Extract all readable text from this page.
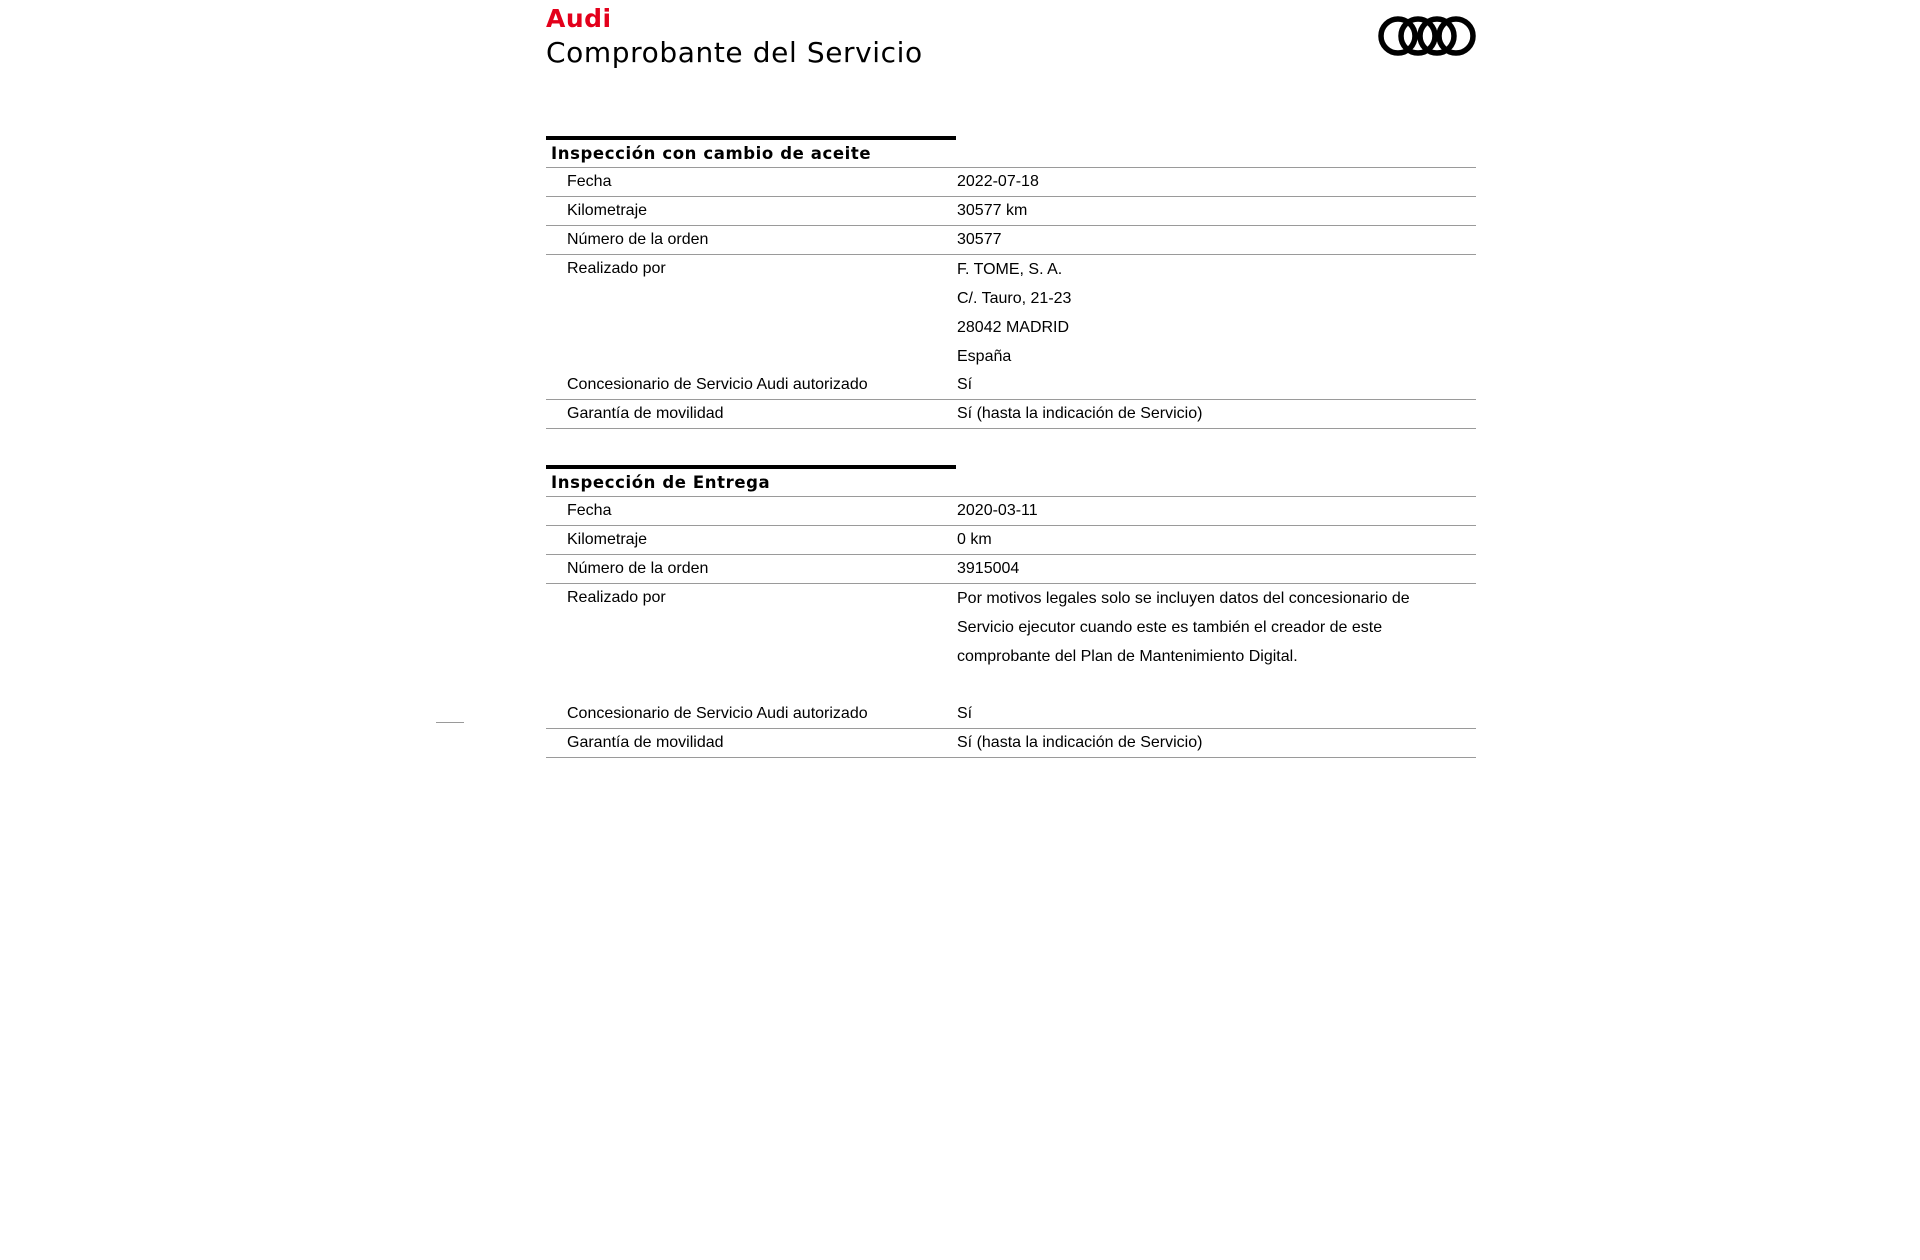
Audi
Comprobante del Servicio
Inspección con cambio de aceite
Fecha	2022-07-18
Kilometraje	30577 km
Número de la orden	30577
Realizado por	F. TOME, S. A.
C/. Tauro, 21-23
28042 MADRID
España
Concesionario de Servicio Audi autorizado	Sí
Garantía de movilidad	Sí (hasta la indicación de Servicio)
Inspección de Entrega
Fecha	2020-03-11
Kilometraje	0 km
Número de la orden	3915004
Realizado por	Por motivos legales solo se incluyen datos del concesionario de
Servicio ejecutor cuando este es también el creador de este
comprobante del Plan de Mantenimiento Digital.
Concesionario de Servicio Audi autorizado	Sí
Garantía de movilidad	Sí (hasta la indicación de Servicio)
